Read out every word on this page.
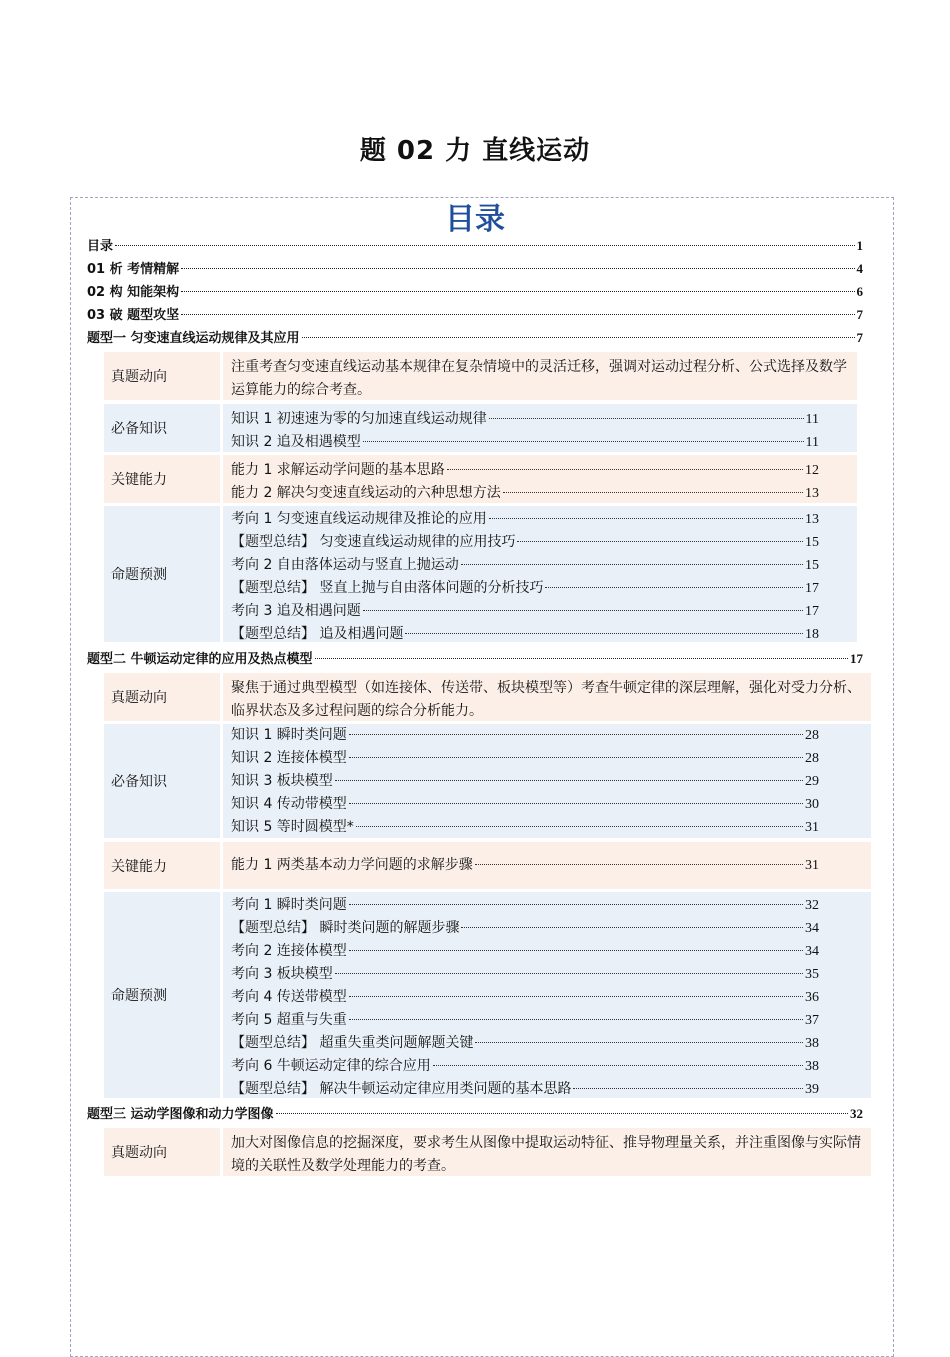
题 02 力 直线运动
目录
目录	1
01 析 考情精解	4
02 构 知能架构	6
03 破 题型攻坚	7
题型一 匀变速直线运动规律及其应用	7
真题动向
注重考查匀变速直线运动基本规律在复杂情境中的灵活迁移，强调对运动过程分析、公式选择及数学运算能力的综合考查。
必备知识
知识 1 初速速为零的匀加速直线运动规律	11
知识 2 追及相遇模型	11
关键能力
能力 1 求解运动学问题的基本思路	12
能力 2 解决匀变速直线运动的六种思想方法	13
命题预测
考向 1 匀变速直线运动规律及推论的应用	13
【题型总结】 匀变速直线运动规律的应用技巧	15
考向 2 自由落体运动与竖直上抛运动	15
【题型总结】 竖直上抛与自由落体问题的分析技巧	17
考向 3 追及相遇问题	17
【题型总结】 追及相遇问题	18
题型二 牛顿运动定律的应用及热点模型	17
真题动向
聚焦于通过典型模型（如连接体、传送带、板块模型等）考查牛顿定律的深层理解，强化对受力分析、临界状态及多过程问题的综合分析能力。
必备知识
知识 1 瞬时类问题	28
知识 2 连接体模型	28
知识 3 板块模型	29
知识 4 传动带模型	30
知识 5 等时圆模型*	31
关键能力	能力 1 两类基本动力学问题的求解步骤	31
命题预测
考向 1 瞬时类问题	32
【题型总结】 瞬时类问题的解题步骤	34
考向 2 连接体模型	34
考向 3 板块模型	35
考向 4 传送带模型	36
考向 5 超重与失重	37
【题型总结】 超重失重类问题解题关键	38
考向 6 牛顿运动定律的综合应用	38
【题型总结】 解决牛顿运动定律应用类问题的基本思路	39
题型三 运动学图像和动力学图像	32
真题动向
加大对图像信息的挖掘深度，要求考生从图像中提取运动特征、推导物理量关系，并注重图像与实际情境的关联性及数学处理能力的考查。
